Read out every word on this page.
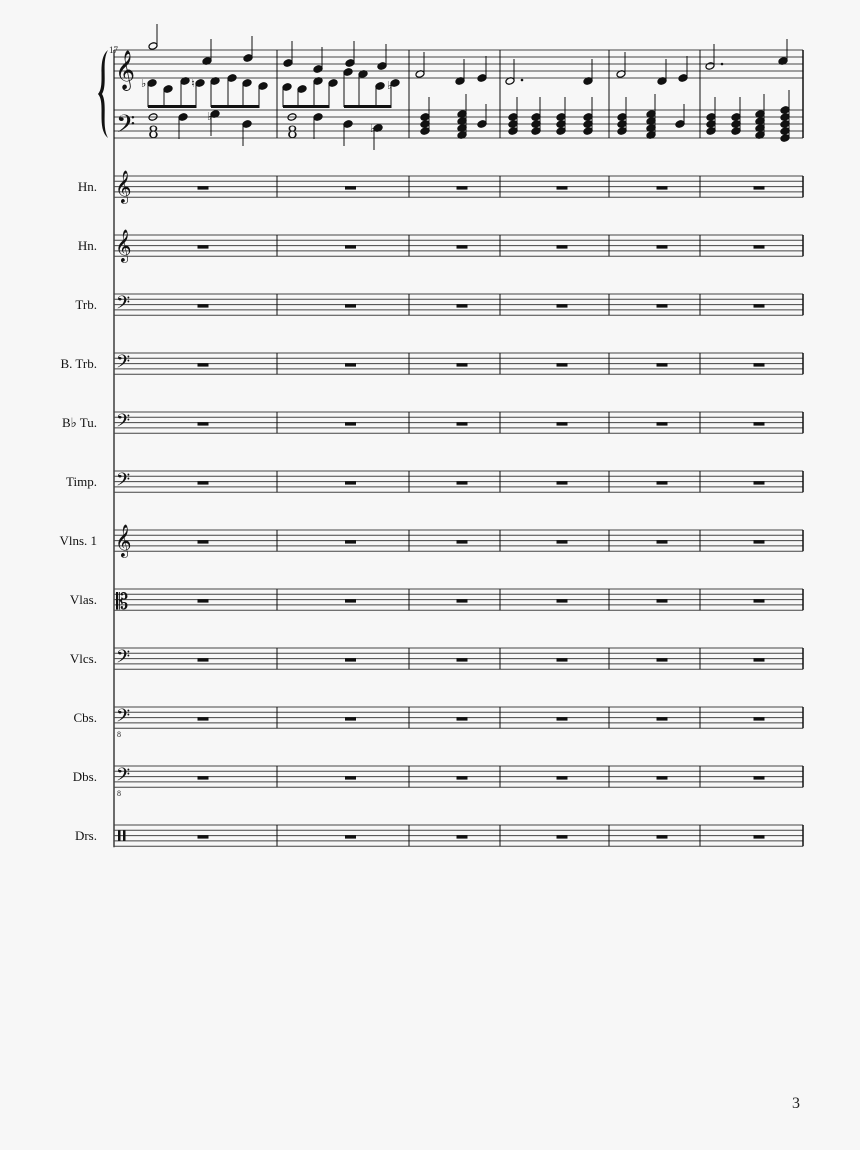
𝄞
𝄢
♭	♮	♭
♭
♭
8	8
𝄞
𝄞
𝄢
𝄢
𝄢
𝄢
𝄞
𝄡
𝄢
𝄢
𝄢
17
Hn.
Hn.
Trb.
B. Trb.
B♭ Tu.
Timp.
Vlns. 1
Vlas.
Vlcs.
Cbs.
8
Dbs.
8
Drs.
3
